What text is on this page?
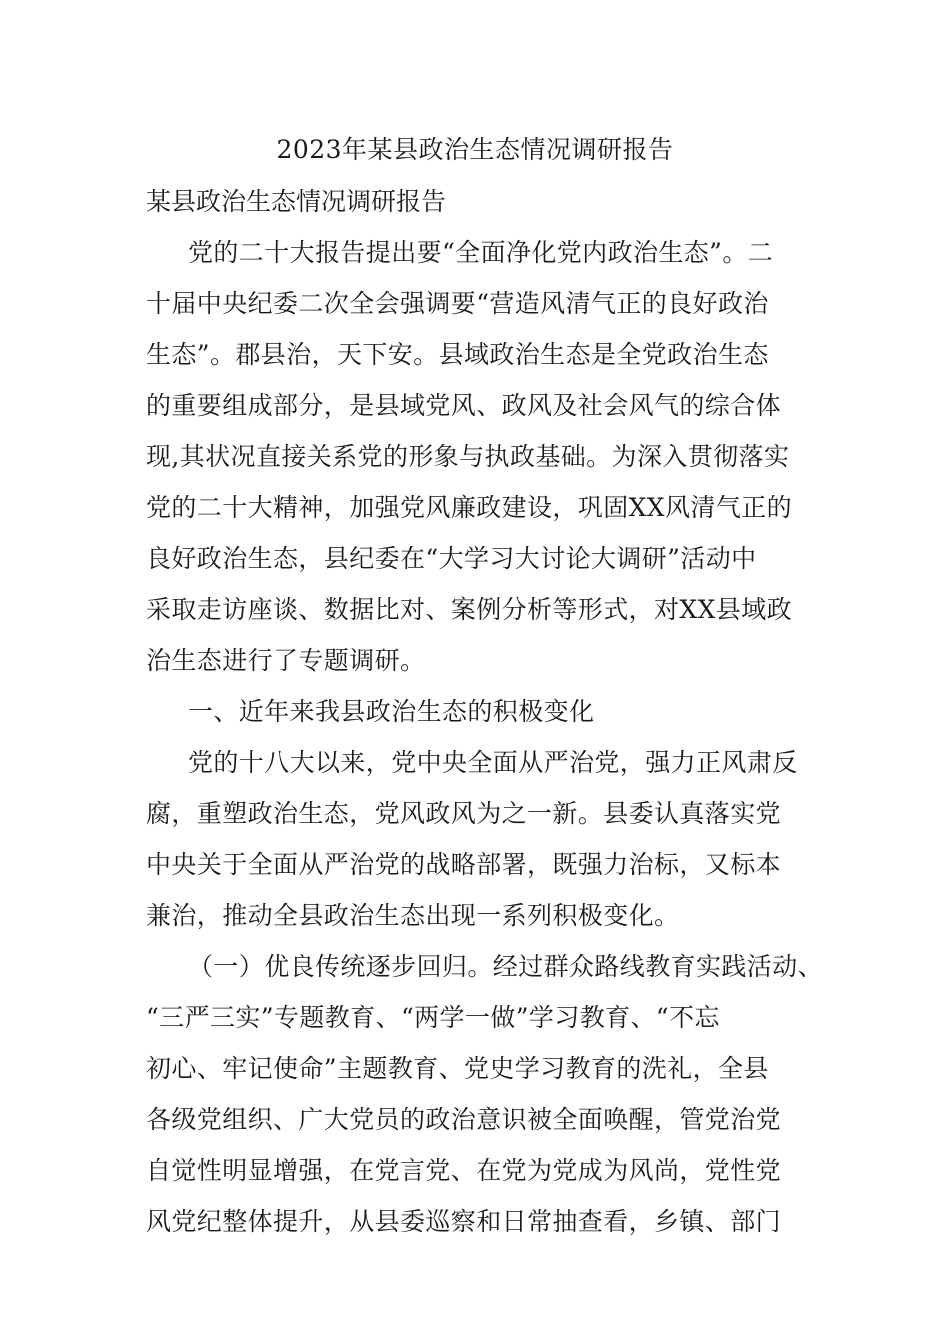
2023年某县政治生态情况调研报告
某县政治生态情况调研报告
党的二十大报告提出要“全面净化党内政治生态”。二
十届中央纪委二次全会强调要“营造风清气正的良好政治
生态”。郡县治，天下安。县域政治生态是全党政治生态
的重要组成部分，是县域党风、政风及社会风气的综合体
现,其状况直接关系党的形象与执政基础。为深入贯彻落实
党的二十大精神，加强党风廉政建设，巩固XX风清气正的
良好政治生态，县纪委在“大学习大讨论大调研”活动中
采取走访座谈、数据比对、案例分析等形式，对XX县域政
治生态进行了专题调研。
一、近年来我县政治生态的积极变化
党的十八大以来，党中央全面从严治党，强力正风肃反
腐，重塑政治生态，党风政风为之一新。县委认真落实党
中央关于全面从严治党的战略部署，既强力治标，又标本
兼治，推动全县政治生态出现一系列积极变化。
（一）优良传统逐步回归。经过群众路线教育实践活动、
“三严三实”专题教育、“两学一做”学习教育、“不忘
初心、牢记使命”主题教育、党史学习教育的洗礼，全县
各级党组织、广大党员的政治意识被全面唤醒，管党治党
自觉性明显增强，在党言党、在党为党成为风尚，党性党
风党纪整体提升，从县委巡察和日常抽查看，乡镇、部门
